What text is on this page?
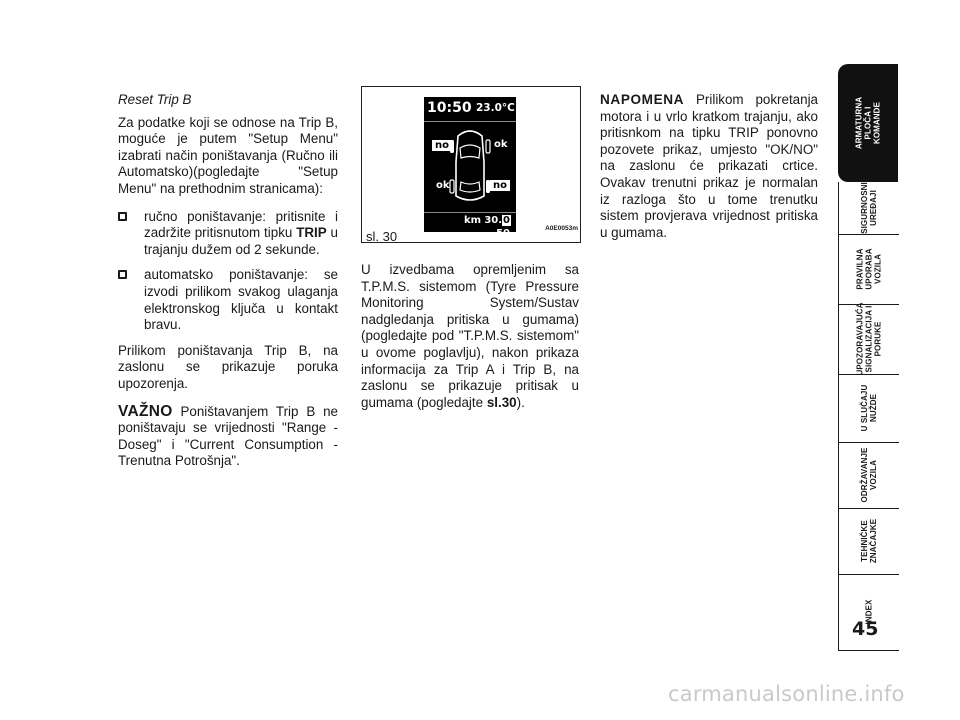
Reset Trip B

Za podatke koji se odnose na Trip B, moguće je putem "Setup Menu" izabrati način poništavanja (Ručno ili Automatsko)(pogledajte "Setup Menu" na prethodnim stranicama):

ručno poništavanje: pritisnite i zadržite pritisnutom tipku TRIP u trajanju dužem od 2 sekunde.

automatsko poništavanje: se izvodi prilikom svakog ulaganja elektronskog ključa u kontakt bravu.

Prilikom poništavanja Trip B, na zaslonu se prikazuje poruka upozorenja.

VAŽNO Poništavanjem Trip B ne poništavaju se vrijednosti "Range - Doseg" i "Current Consumption - Trenutna Potrošnja".

10:50 23.0°C
no	ok
ok	no
km 30.0
50
sl. 30
A0E0053m

U izvedbama opremljenim sa T.P.M.S. sistemom (Tyre Pressure Monitoring System/Sustav nadgledanja pritiska u gumama)(pogledajte pod "T.P.M.S. sistemom" u ovome poglavlju), nakon prikaza informacija za Trip A i Trip B, na zaslonu se prikazuje pritisak u gumama (pogledajte sl.30).

NAPOMENA Prilikom pokretanja motora i u vrlo kratkom trajanju, ako pritisnkom na tipku TRIP ponovno pozovete prikaz, umjesto "OK/NO" na zaslonu će prikazati crtice. Ovakav trenutni prikaz je normalan iz razloga što u tome trenutku sistem provjerava vrijednost pritiska u gumama.

ARMATURNA
PLOČA I
KOMANDE
SIGURNOSNI
UREĐAJI
PRAVILNA
UPORABA
VOZILA
UPOZORAVAJUĆA
SIGNALIZACIJA I
PORUKE
U SLUČAJU
NUŽDE
ODRŽAVANJE
VOZILA
TEHNIČKE
ZNAČAJKE
INDEX
45
carmanualsonline.info
